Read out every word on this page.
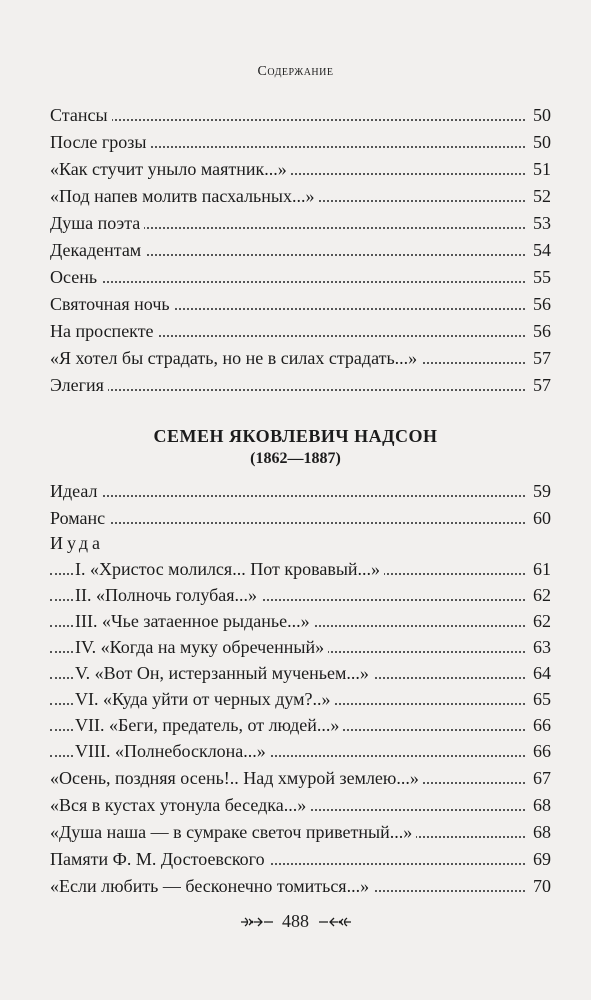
Содержание
Стансы	50
После грозы	50
«Как стучит уныло маятник...»	51
«Под напев молитв пасхальных...»	52
Душа поэта	53
Декадентам	54
Осень	55
Святочная ночь	56
На проспекте	56
«Я хотел бы страдать, но не в силах страдать...»	57
Элегия	57
СЕМЕН ЯКОВЛЕВИЧ НАДСОН
(1862—1887)
Идеал	59
Романс	60
Иуда
I. «Христос молился... Пот кровавый...»	61
II. «Полночь голубая...»	62
III. «Чье затаенное рыданье...»	62
IV. «Когда на муку обреченный»	63
V. «Вот Он, истерзанный мученьем...»	64
VI. «Куда уйти от черных дум?..»	65
VII. «Беги, предатель, от людей...»	66
VIII. «Полнебосклона...»	66
«Осень, поздняя осень!.. Над хмурой землею...»	67
«Вся в кустах утонула беседка...»	68
«Душа наша — в сумраке светоч приветный...»	68
Памяти Ф. М. Достоевского	69
«Если любить — бесконечно томиться...»	70
488
